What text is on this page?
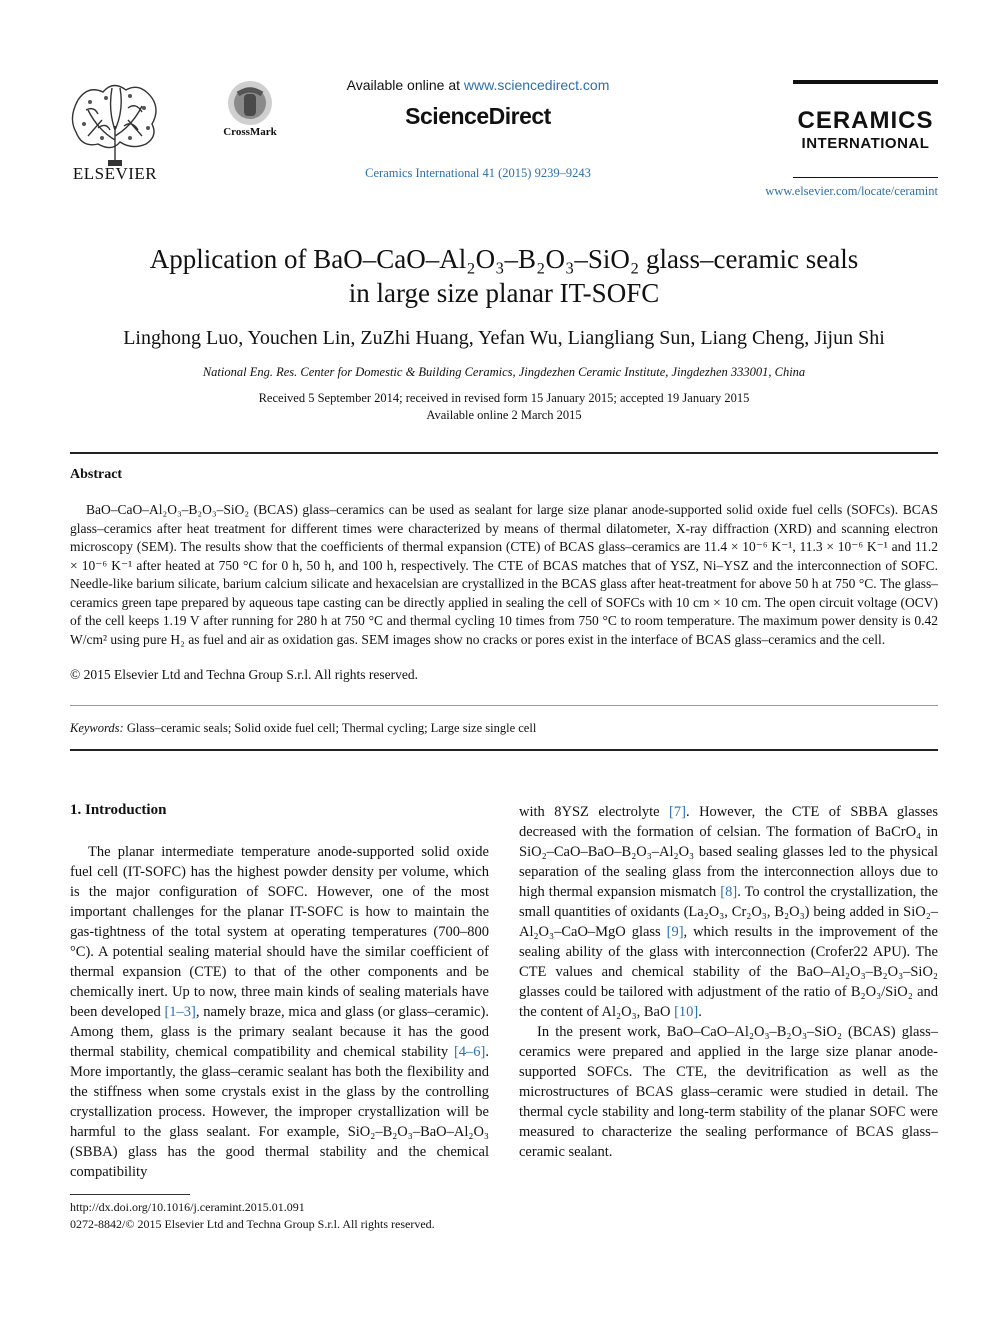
ELSEVIER
CrossMark
Available online at www.sciencedirect.com
ScienceDirect
Ceramics International 41 (2015) 9239–9243
CERAMICS
INTERNATIONAL
www.elsevier.com/locate/ceramint
Application of BaO–CaO–Al₂O₃–B₂O₃–SiO₂ glass–ceramic seals
in large size planar IT-SOFC
Linghong Luo, Youchen Lin, ZuZhi Huang, Yefan Wu, Liangliang Sun, Liang Cheng, Jijun Shi
National Eng. Res. Center for Domestic & Building Ceramics, Jingdezhen Ceramic Institute, Jingdezhen 333001, China
Received 5 September 2014; received in revised form 15 January 2015; accepted 19 January 2015
Available online 2 March 2015
Abstract
BaO–CaO–Al₂O₃–B₂O₃–SiO₂ (BCAS) glass–ceramics can be used as sealant for large size planar anode-supported solid oxide fuel cells (SOFCs). BCAS glass–ceramics after heat treatment for different times were characterized by means of thermal dilatometer, X-ray diffraction (XRD) and scanning electron microscopy (SEM). The results show that the coefficients of thermal expansion (CTE) of BCAS glass–ceramics are 11.4 × 10⁻⁶ K⁻¹, 11.3 × 10⁻⁶ K⁻¹ and 11.2 × 10⁻⁶ K⁻¹ after heated at 750 °C for 0 h, 50 h, and 100 h, respectively. The CTE of BCAS matches that of YSZ, Ni–YSZ and the interconnection of SOFC. Needle-like barium silicate, barium calcium silicate and hexacelsian are crystallized in the BCAS glass after heat-treatment for above 50 h at 750 °C. The glass–ceramics green tape prepared by aqueous tape casting can be directly applied in sealing the cell of SOFCs with 10 cm × 10 cm. The open circuit voltage (OCV) of the cell keeps 1.19 V after running for 280 h at 750 °C and thermal cycling 10 times from 750 °C to room temperature. The maximum power density is 0.42 W/cm² using pure H₂ as fuel and air as oxidation gas. SEM images show no cracks or pores exist in the interface of BCAS glass–ceramics and the cell.
© 2015 Elsevier Ltd and Techna Group S.r.l. All rights reserved.
Keywords: Glass–ceramic seals; Solid oxide fuel cell; Thermal cycling; Large size single cell
1. Introduction

The planar intermediate temperature anode-supported solid oxide fuel cell (IT-SOFC) has the highest powder density per volume, which is the major configuration of SOFC. However, one of the most important challenges for the planar IT-SOFC is how to maintain the gas-tightness of the total system at operating temperatures (700–800 °C). A potential sealing material should have the similar coefficient of thermal expansion (CTE) to that of the other components and be chemically inert. Up to now, three main kinds of sealing materials have been developed [1–3], namely braze, mica and glass (or glass–ceramic). Among them, glass is the primary sealant because it has the good thermal stability, chemical compatibility and chemical stability [4–6]. More importantly, the glass–ceramic sealant has both the flexibility and the stiffness when some crystals exist in the glass by the controlling crystallization process. However, the improper crystallization will be harmful to the glass sealant. For example, SiO₂–B₂O₃–BaO–Al₂O₃ (SBBA) glass has the good thermal stability and the chemical compatibility

with 8YSZ electrolyte [7]. However, the CTE of SBBA glasses decreased with the formation of celsian. The formation of BaCrO₄ in SiO₂–CaO–BaO–B₂O₃–Al₂O₃ based sealing glasses led to the physical separation of the sealing glass from the interconnection alloys due to high thermal expansion mismatch [8]. To control the crystallization, the small quantities of oxidants (La₂O₃, Cr₂O₃, B₂O₃) being added in SiO₂–Al₂O₃–CaO–MgO glass [9], which results in the improvement of the sealing ability of the glass with interconnection (Crofer22 APU). The CTE values and chemical stability of the BaO–Al₂O₃–B₂O₃–SiO₂ glasses could be tailored with adjustment of the ratio of B₂O₃/SiO₂ and the content of Al₂O₃, BaO [10].

In the present work, BaO–CaO–Al₂O₃–B₂O₃–SiO₂ (BCAS) glass–ceramics were prepared and applied in the large size planar anode-supported SOFCs. The CTE, the devitrification as well as the microstructures of BCAS glass–ceramic were studied in detail. The thermal cycle stability and long-term stability of the planar SOFC were measured to characterize the sealing performance of BCAS glass–ceramic sealant.

http://dx.doi.org/10.1016/j.ceramint.2015.01.091
0272-8842/© 2015 Elsevier Ltd and Techna Group S.r.l. All rights reserved.
